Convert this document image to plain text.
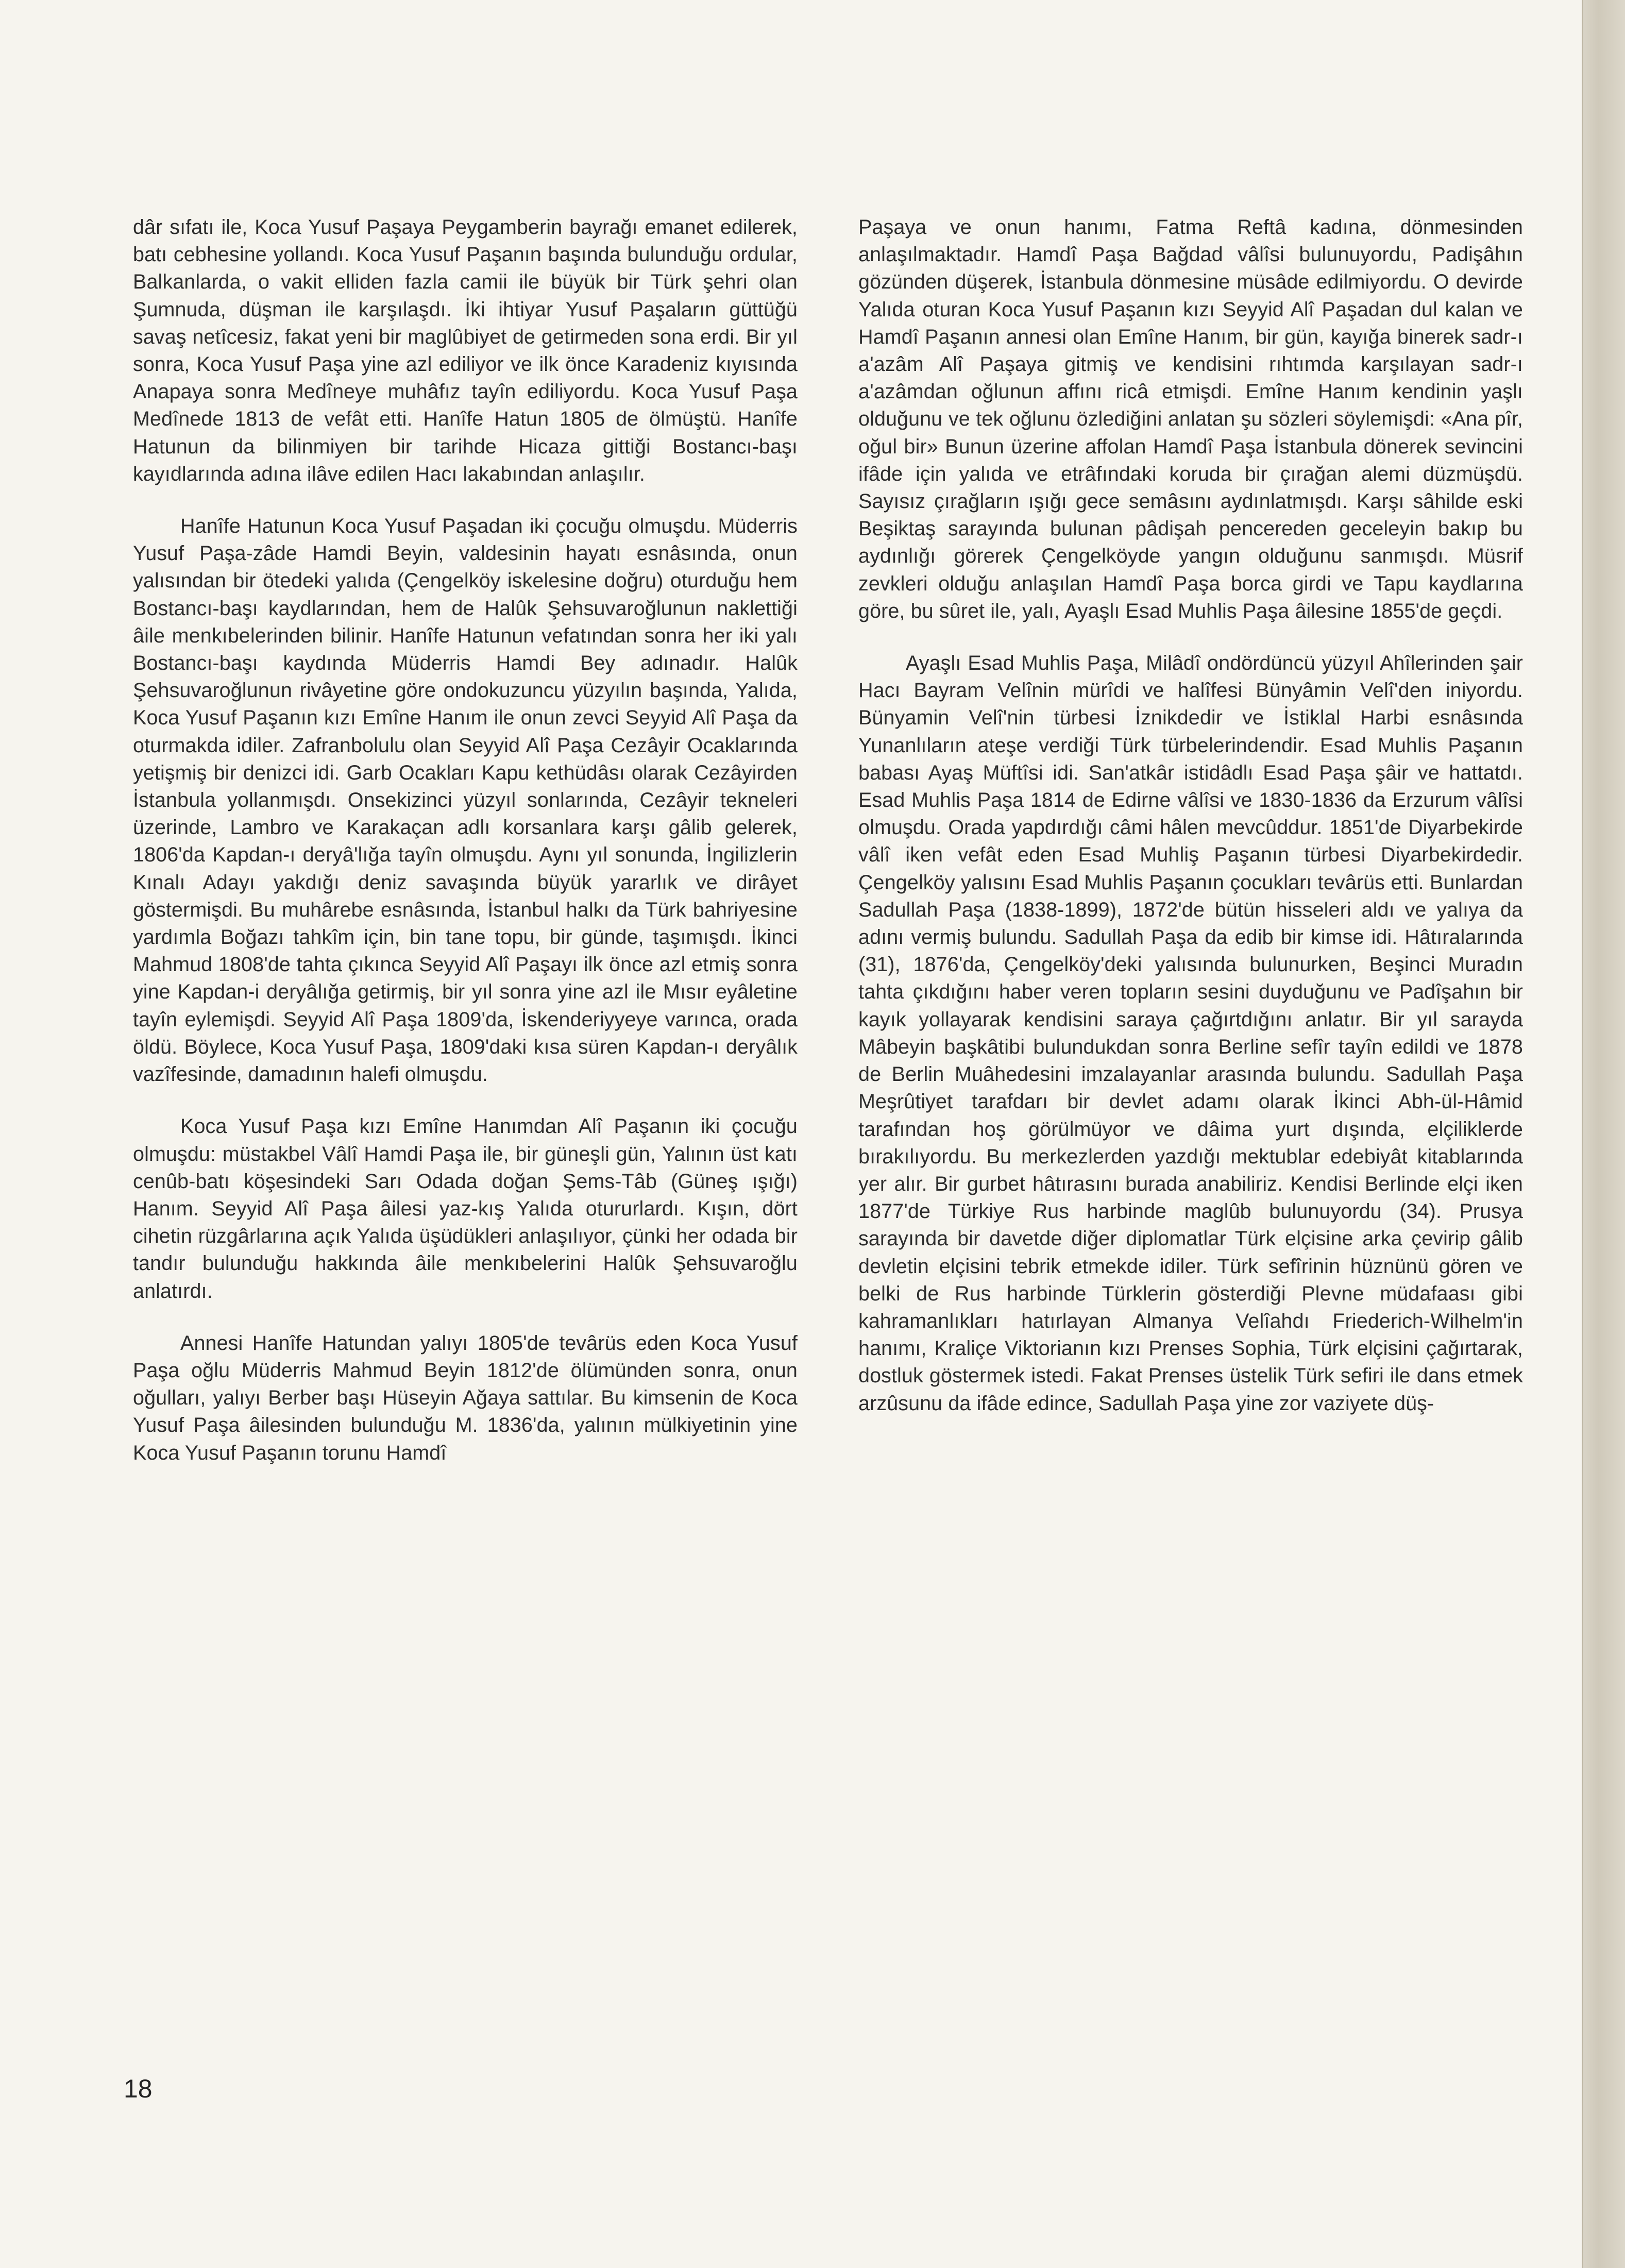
dâr sıfatı ile, Koca Yusuf Paşaya Peygamberin bayrağı emanet edilerek, batı cebhesine yollandı. Koca Yusuf Paşanın başında bulunduğu ordular, Balkanlarda, o vakit elliden fazla camii ile büyük bir Türk şehri olan Şumnuda, düşman ile karşılaşdı. İki ihtiyar Yusuf Paşaların güttüğü savaş netîcesiz, fakat yeni bir maglûbiyet de getirmeden sona erdi. Bir yıl sonra, Koca Yusuf Paşa yine azl ediliyor ve ilk önce Karadeniz kıyısında Anapaya sonra Medîneye muhâfız tayîn ediliyordu. Koca Yusuf Paşa Medînede 1813 de vefât etti. Hanîfe Hatun 1805 de ölmüştü. Hanîfe Hatunun da bilinmiyen bir tarihde Hicaza gittiği Bostancı-başı kayıdlarında adına ilâve edilen Hacı lakabından anlaşılır.

Hanîfe Hatunun Koca Yusuf Paşadan iki çocuğu olmuşdu. Müderris Yusuf Paşa-zâde Hamdi Beyin, valdesinin hayatı esnâsında, onun yalısından bir ötedeki yalıda (Çengelköy iskelesine doğru) oturduğu hem Bostancı-başı kaydlarından, hem de Halûk Şehsuvaroğlunun naklettiği âile menkıbelerinden bilinir. Hanîfe Hatunun vefatından sonra her iki yalı Bostancı-başı kaydında Müderris Hamdi Bey adınadır. Halûk Şehsuvaroğlunun rivâyetine göre ondokuzuncu yüzyılın başında, Yalıda, Koca Yusuf Paşanın kızı Emîne Hanım ile onun zevci Seyyid Alî Paşa da oturmakda idiler. Zafranbolulu olan Seyyid Alî Paşa Cezâyir Ocaklarında yetişmiş bir denizci idi. Garb Ocakları Kapu kethüdâsı olarak Cezâyirden İstanbula yollanmışdı. Onsekizinci yüzyıl sonlarında, Cezâyir tekneleri üzerinde, Lambro ve Karakaçan adlı korsanlara karşı gâlib gelerek, 1806'da Kapdan-ı deryâ'lığa tayîn olmuşdu. Aynı yıl sonunda, İngilizlerin Kınalı Adayı yakdığı deniz savaşında büyük yararlık ve dirâyet göstermişdi. Bu muhârebe esnâsında, İstanbul halkı da Türk bahriyesine yardımla Boğazı tahkîm için, bin tane topu, bir günde, taşımışdı. İkinci Mahmud 1808'de tahta çıkınca Seyyid Alî Paşayı ilk önce azl etmiş sonra yine Kapdan-i deryâlığa getirmiş, bir yıl sonra yine azl ile Mısır eyâletine tayîn eylemişdi. Seyyid Alî Paşa 1809'da, İskenderiyyeye varınca, orada öldü. Böylece, Koca Yusuf Paşa, 1809'daki kısa süren Kapdan-ı deryâlık vazîfesinde, damadının halefi olmuşdu.

Koca Yusuf Paşa kızı Emîne Hanımdan Alî Paşanın iki çocuğu olmuşdu: müstakbel Vâlî Hamdi Paşa ile, bir güneşli gün, Yalının üst katı cenûb-batı köşesindeki Sarı Odada doğan Şems-Tâb (Güneş ışığı) Hanım. Seyyid Alî Paşa âilesi yaz-kış Yalıda otururlardı. Kışın, dört cihetin rüzgârlarına açık Yalıda üşüdükleri anlaşılıyor, çünki her odada bir tandır bulunduğu hakkında âile menkıbelerini Halûk Şehsuvaroğlu anlatırdı.

Annesi Hanîfe Hatundan yalıyı 1805'de tevârüs eden Koca Yusuf Paşa oğlu Müderris Mahmud Beyin 1812'de ölümünden sonra, onun oğulları, yalıyı Berber başı Hüseyin Ağaya sattılar. Bu kimsenin de Koca Yusuf Paşa âilesinden bulunduğu M. 1836'da, yalının mülkiyetinin yine Koca Yusuf Paşanın torunu Hamdî

Paşaya ve onun hanımı, Fatma Reftâ kadına, dönmesinden anlaşılmaktadır. Hamdî Paşa Bağdad vâlîsi bulunuyordu, Padişâhın gözünden düşerek, İstanbula dönmesine müsâde edilmiyordu. O devirde Yalıda oturan Koca Yusuf Paşanın kızı Seyyid Alî Paşadan dul kalan ve Hamdî Paşanın annesi olan Emîne Hanım, bir gün, kayığa binerek sadr-ı a'azâm Alî Paşaya gitmiş ve kendisini rıhtımda karşılayan sadr-ı a'azâmdan oğlunun affını ricâ etmişdi. Emîne Hanım kendinin yaşlı olduğunu ve tek oğlunu özlediğini anlatan şu sözleri söylemişdi: «Ana pîr, oğul bir» Bunun üzerine affolan Hamdî Paşa İstanbula dönerek sevincini ifâde için yalıda ve etrâfındaki koruda bir çırağan alemi düzmüşdü. Sayısız çırağların ışığı gece semâsını aydınlatmışdı. Karşı sâhilde eski Beşiktaş sarayında bulunan pâdişah pencereden geceleyin bakıp bu aydınlığı görerek Çengelköyde yangın olduğunu sanmışdı. Müsrif zevkleri olduğu anlaşılan Hamdî Paşa borca girdi ve Tapu kaydlarına göre, bu sûret ile, yalı, Ayaşlı Esad Muhlis Paşa âilesine 1855'de geçdi.

Ayaşlı Esad Muhlis Paşa, Milâdî ondördüncü yüzyıl Ahîlerinden şair Hacı Bayram Velînin mürîdi ve halîfesi Bünyâmin Velî'den iniyordu. Bünyamin Velî'nin türbesi İznikdedir ve İstiklal Harbi esnâsında Yunanlıların ateşe verdiği Türk türbelerindendir. Esad Muhlis Paşanın babası Ayaş Müftîsi idi. San'atkâr istidâdlı Esad Paşa şâir ve hattatdı. Esad Muhlis Paşa 1814 de Edirne vâlîsi ve 1830-1836 da Erzurum vâlîsi olmuşdu. Orada yapdırdığı câmi hâlen mevcûddur. 1851'de Diyarbekirde vâlî iken vefât eden Esad Muhliş Paşanın türbesi Diyarbekirdedir. Çengelköy yalısını Esad Muhlis Paşanın çocukları tevârüs etti. Bunlardan Sadullah Paşa (1838-1899), 1872'de bütün hisseleri aldı ve yalıya da adını vermiş bulundu. Sadullah Paşa da edib bir kimse idi. Hâtıralarında (31), 1876'da, Çengelköy'deki yalısında bulunurken, Beşinci Muradın tahta çıkdığını haber veren topların sesini duyduğunu ve Padîşahın bir kayık yollayarak kendisini saraya çağırtdığını anlatır. Bir yıl sarayda Mâbeyin başkâtibi bulundukdan sonra Berline sefîr tayîn edildi ve 1878 de Berlin Muâhedesini imzalayanlar arasında bulundu. Sadullah Paşa Meşrûtiyet tarafdarı bir devlet adamı olarak İkinci Abh-ül-Hâmid tarafından hoş görülmüyor ve dâima yurt dışında, elçiliklerde bırakılıyordu. Bu merkezlerden yazdığı mektublar edebiyât kitablarında yer alır. Bir gurbet hâtırasını burada anabiliriz. Kendisi Berlinde elçi iken 1877'de Türkiye Rus harbinde maglûb bulunuyordu (34). Prusya sarayında bir davetde diğer diplomatlar Türk elçisine arka çevirip gâlib devletin elçisini tebrik etmekde idiler. Türk sefîrinin hüznünü gören ve belki de Rus harbinde Türklerin gösterdiği Plevne müdafaası gibi kahramanlıkları hatırlayan Almanya Velîahdı Friederich-Wilhelm'in hanımı, Kraliçe Viktorianın kızı Prenses Sophia, Türk elçisini çağırtarak, dostluk göstermek istedi. Fakat Prenses üstelik Türk sefiri ile dans etmek arzûsunu da ifâde edince, Sadullah Paşa yine zor vaziyete düş-

18
